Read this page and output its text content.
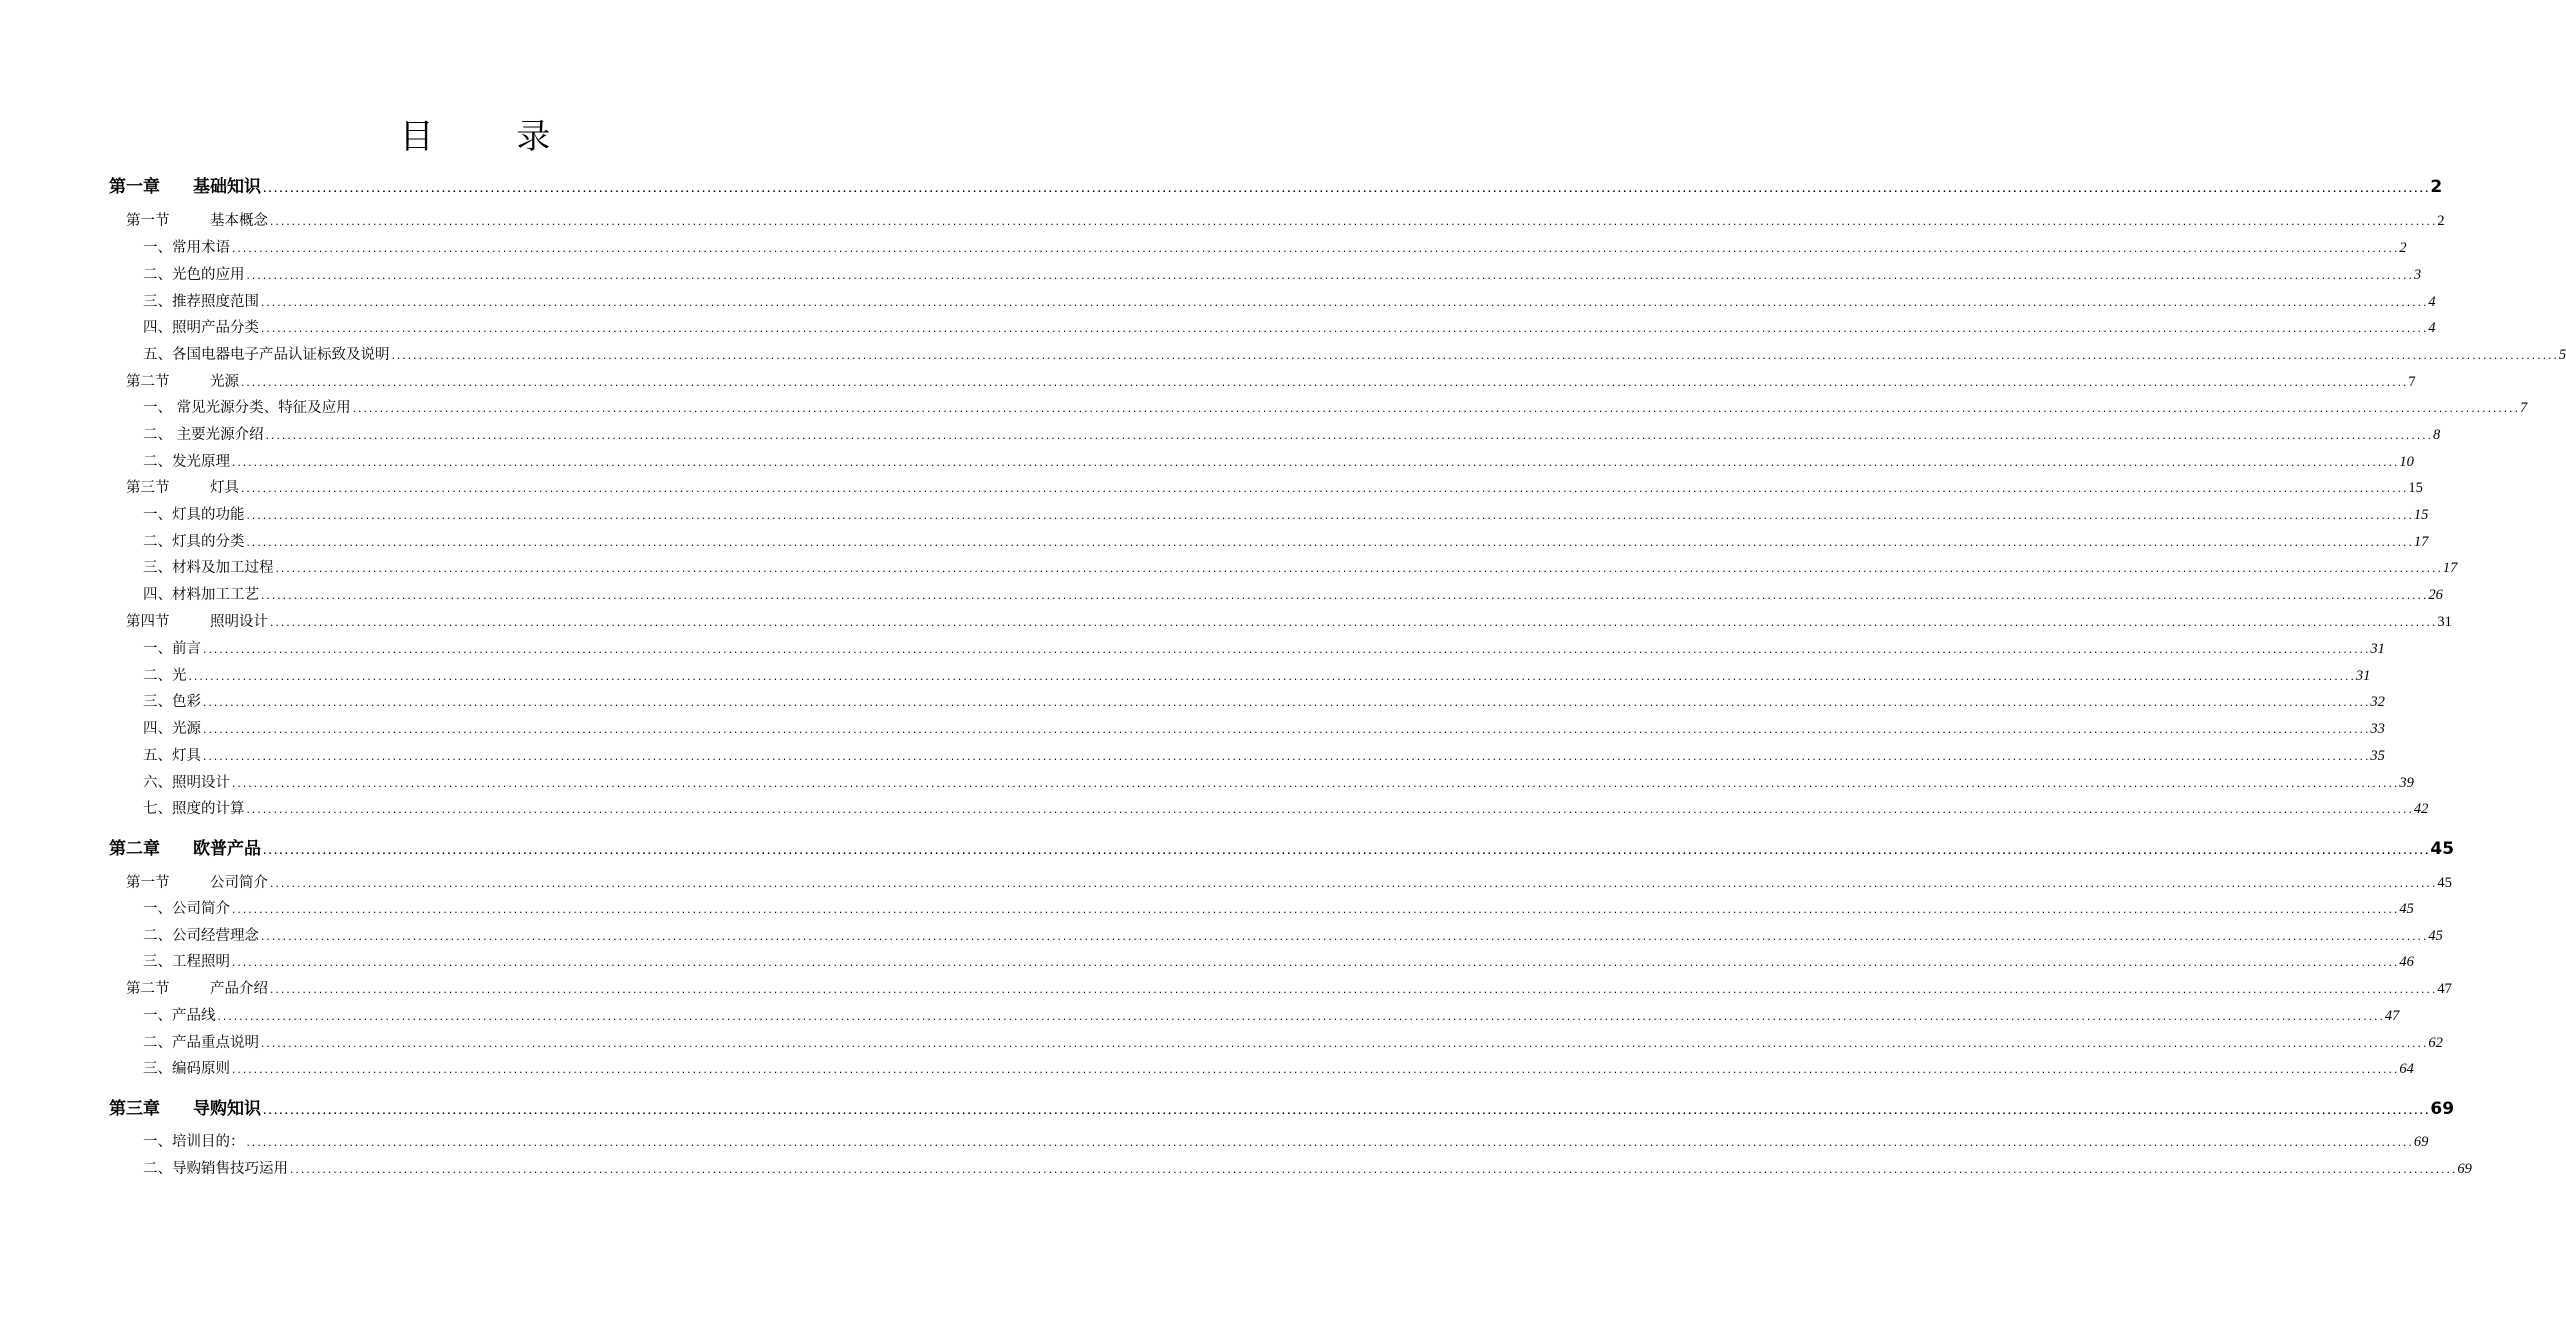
目 录
第一章 基础知识 ................................................................................................................................................................................................................................................................................................................................................................................................................ 2
第一节	基本概念 ................................................................................................................................................................................................................................................................................................................................................................................................................ 2
一、常用术语 ................................................................................................................................................................................................................................................................................................................................................................................................................ 2
二、光色的应用 ................................................................................................................................................................................................................................................................................................................................................................................................................ 3
三、推荐照度范围 ................................................................................................................................................................................................................................................................................................................................................................................................................ 4
四、照明产品分类 ................................................................................................................................................................................................................................................................................................................................................................................................................ 4
五、各国电器电子产品认证标致及说明 ................................................................................................................................................................................................................................................................................................................................................................................................................ 5
第二节	光源 ................................................................................................................................................................................................................................................................................................................................................................................................................ 7
一、 常见光源分类、特征及应用 ................................................................................................................................................................................................................................................................................................................................................................................................................ 7
二、 主要光源介绍 ................................................................................................................................................................................................................................................................................................................................................................................................................ 8
二、发光原理 ................................................................................................................................................................................................................................................................................................................................................................................................................ 10
第三节	灯具 ................................................................................................................................................................................................................................................................................................................................................................................................................ 15
一、灯具的功能 ................................................................................................................................................................................................................................................................................................................................................................................................................ 15
二、灯具的分类 ................................................................................................................................................................................................................................................................................................................................................................................................................ 17
三、材料及加工过程 ................................................................................................................................................................................................................................................................................................................................................................................................................ 17
四、材料加工工艺 ................................................................................................................................................................................................................................................................................................................................................................................................................ 26
第四节	照明设计 ................................................................................................................................................................................................................................................................................................................................................................................................................ 31
一、前言 ................................................................................................................................................................................................................................................................................................................................................................................................................ 31
二、光 ................................................................................................................................................................................................................................................................................................................................................................................................................ 31
三、色彩 ................................................................................................................................................................................................................................................................................................................................................................................................................ 32
四、光源 ................................................................................................................................................................................................................................................................................................................................................................................................................ 33
五、灯具 ................................................................................................................................................................................................................................................................................................................................................................................................................ 35
六、照明设计 ................................................................................................................................................................................................................................................................................................................................................................................................................ 39
七、照度的计算 ................................................................................................................................................................................................................................................................................................................................................................................................................ 42
第二章 欧普产品 ................................................................................................................................................................................................................................................................................................................................................................................................................ 45
第一节	公司简介 ................................................................................................................................................................................................................................................................................................................................................................................................................ 45
一、公司简介 ................................................................................................................................................................................................................................................................................................................................................................................................................ 45
二、公司经营理念 ................................................................................................................................................................................................................................................................................................................................................................................................................ 45
三、工程照明 ................................................................................................................................................................................................................................................................................................................................................................................................................ 46
第二节	产品介绍 ................................................................................................................................................................................................................................................................................................................................................................................................................ 47
一、产品线 ................................................................................................................................................................................................................................................................................................................................................................................................................ 47
二、产品重点说明 ................................................................................................................................................................................................................................................................................................................................................................................................................ 62
三、编码原则 ................................................................................................................................................................................................................................................................................................................................................................................................................ 64
第三章 导购知识 ................................................................................................................................................................................................................................................................................................................................................................................................................ 69
一、培训目的： ................................................................................................................................................................................................................................................................................................................................................................................................................ 69
二、导购销售技巧运用 ................................................................................................................................................................................................................................................................................................................................................................................................................ 69
